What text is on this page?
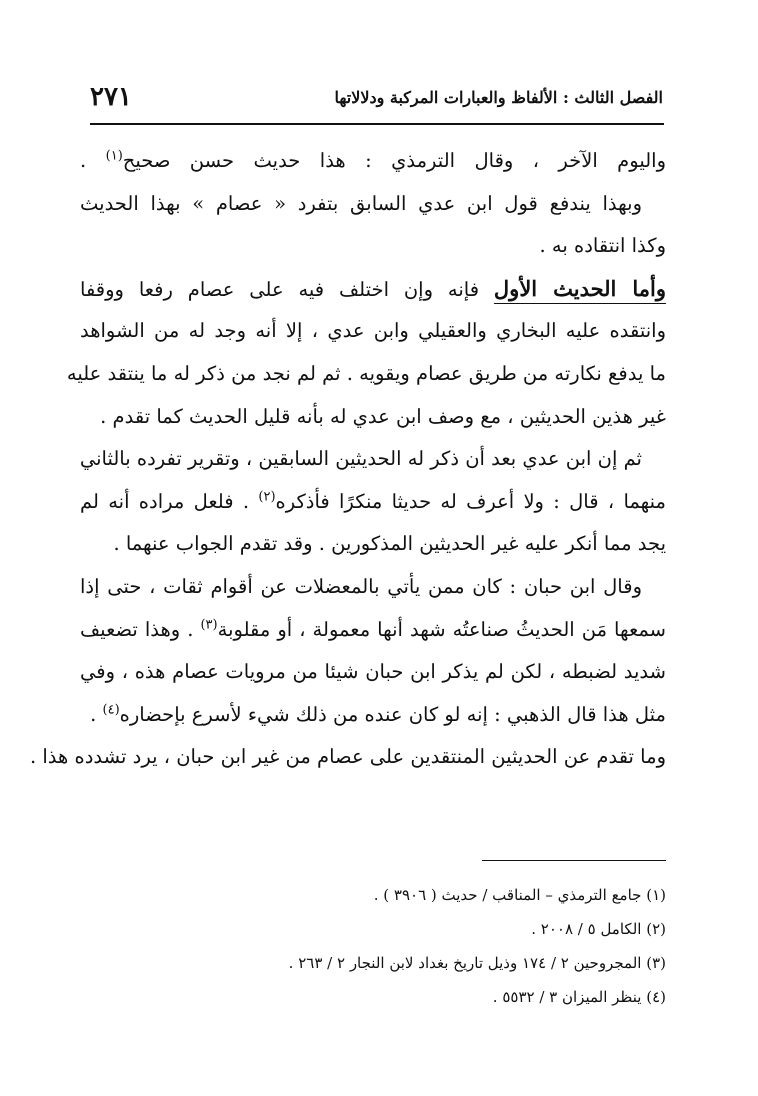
الفصل الثالث : الألفاظ والعبارات المركبة ودلالاتها
٢٧١
واليوم الآخر ، وقال الترمذي : هذا حديث حسن صحيح$^{(١)}$ .
وبهذا يندفع قول ابن عدي السابق بتفرد « عصام » بهذا الحديث
وكذا انتقاده به .
وأما الحديث الأول فإنه وإن اختلف فيه على عصام رفعا ووقفا
وانتقده عليه البخاري والعقيلي وابن عدي ، إلا أنه وجد له من الشواهد
ما يدفع نكارته من طريق عصام ويقويه . ثم لم نجد من ذكر له ما ينتقد عليه
غير هذين الحديثين ، مع وصف ابن عدي له بأنه قليل الحديث كما تقدم .
ثم إن ابن عدي بعد أن ذكر له الحديثين السابقين ، وتقرير تفرده بالثاني
منهما ، قال : ولا أعرف له حديثا منكرًا فأذكره$^{(٢)}$ . فلعل مراده أنه لم
يجد مما أنكر عليه غير الحديثين المذكورين . وقد تقدم الجواب عنهما .
وقال ابن حبان : كان ممن يأتي بالمعضلات عن أقوام ثقات ، حتى إذا
سمعها مَن الحديثُ صناعتُه شهد أنها معمولة ، أو مقلوبة$^{(٣)}$ . وهذا تضعيف
شديد لضبطه ، لكن لم يذكر ابن حبان شيئا من مرويات عصام هذه ، وفي
مثل هذا قال الذهبي : إنه لو كان عنده من ذلك شيء لأسرع بإحضاره$^{(٤)}$ .
وما تقدم عن الحديثين المنتقدين على عصام من غير ابن حبان ، يرد تشدده هذا .
(١) جامع الترمذي – المناقب / حديث ( ٣٩٠٦ ) .
(٢) الكامل ٥ / ٢٠٠٨ .
(٣) المجروحين ٢ / ١٧٤ وذيل تاريخ بغداد لابن النجار ٢ / ٢٦٣ .
(٤) ينظر الميزان ٣ / ٥٥٣٢ .
